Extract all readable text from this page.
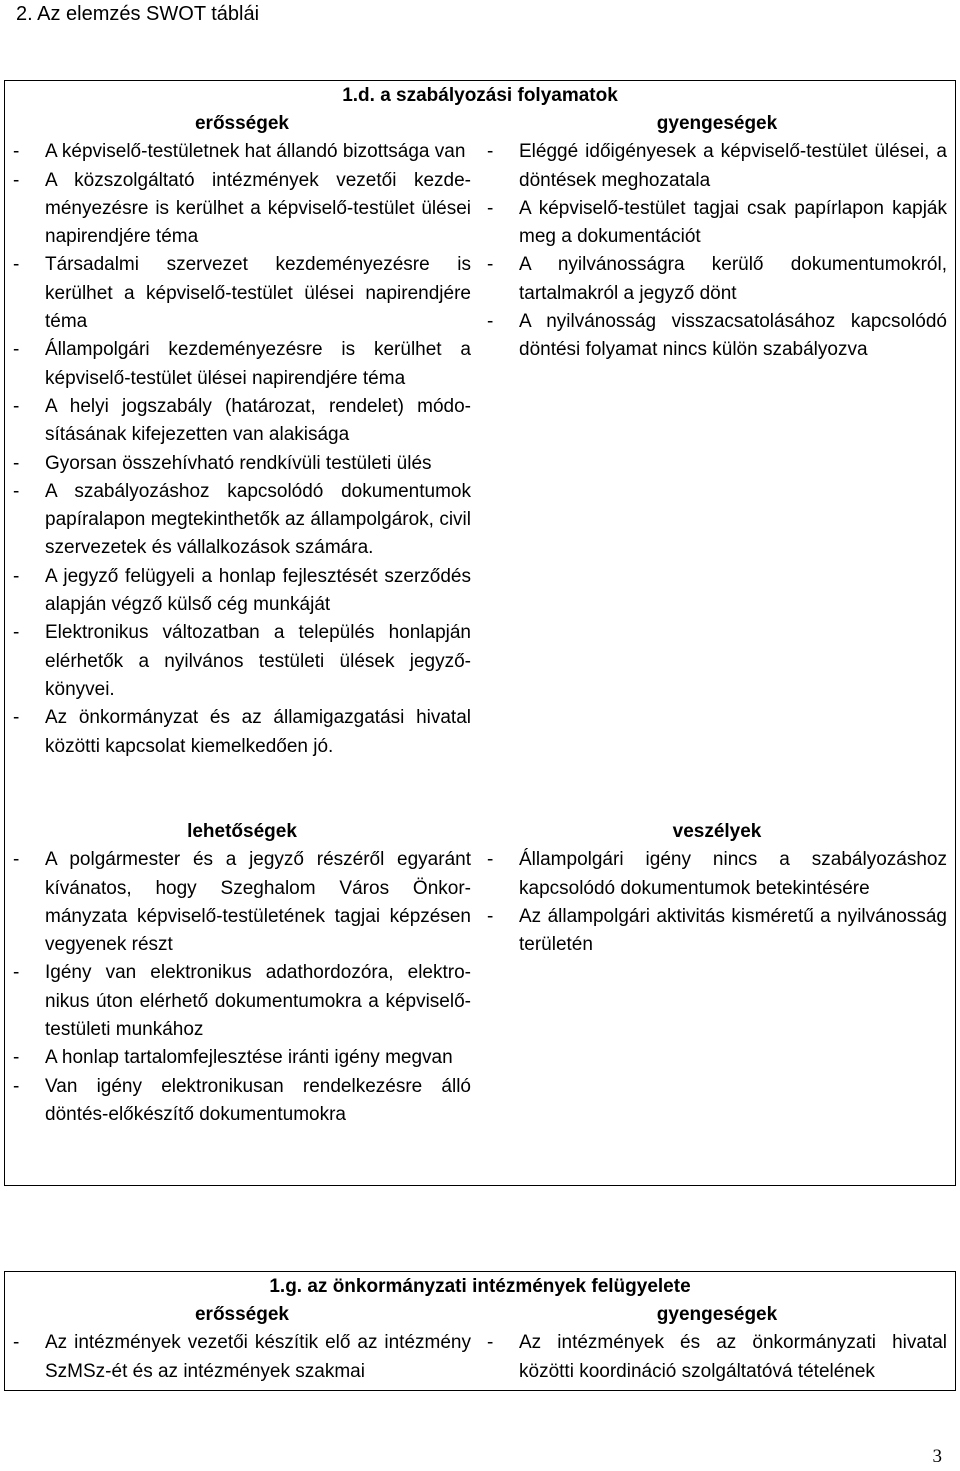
2. Az elemzés SWOT táblái
1.d. a szabályozási folyamatok
erősségek
- A képviselő-testületnek hat állandó bizottsága van
- A közszolgáltató intézmények vezetői kezdeményezésre is kerülhet a képviselő-testület ülései napirendjére téma
- Társadalmi szervezet kezdeményezésre is kerülhet a képviselő-testület ülései napirendjére téma
- Állampolgári kezdeményezésre is kerülhet a képviselő-testület ülései napirendjére téma
- A helyi jogszabály (határozat, rendelet) módosításának kifejezetten van alakisága
- Gyorsan összehívható rendkívüli testületi ülés
- A szabályozáshoz kapcsolódó dokumentumok papíralapon megtekinthetők az állampolgárok, civil szervezetek és vállalkozások számára.
- A jegyző felügyeli a honlap fejlesztését szerződés alapján végző külső cég munkáját
- Elektronikus változatban a település honlapján elérhetők a nyilvános testületi ülések jegyzőkönyvei.
- Az önkormányzat és az államigazgatási hivatal közötti kapcsolat kiemelkedően jó.
gyengeségek
- Eléggé időigényesek a képviselő-testület ülései, a döntések meghozatala
- A képviselő-testület tagjai csak papírlapon kapják meg a dokumentációt
- A nyilvánosságra kerülő dokumentumokról, tartalmakról a jegyző dönt
- A nyilvánosság visszacsatolásához kapcsolódó döntési folyamat nincs külön szabályozva
lehetőségek
- A polgármester és a jegyző részéről egyaránt kívánatos, hogy Szeghalom Város Önkormányzata képviselő-testületének tagjai képzésen vegyenek részt
- Igény van elektronikus adathordozóra, elektronikus úton elérhető dokumentumokra a képviselő-testületi munkához
- A honlap tartalomfejlesztése iránti igény megvan
- Van igény elektronikusan rendelkezésre álló döntés-előkészítő dokumentumokra
veszélyek
- Állampolgári igény nincs a szabályozáshoz kapcsolódó dokumentumok betekintésére
- Az állampolgári aktivitás kisméretű a nyilvánosság területén
1.g. az önkormányzati intézmények felügyelete
erősségek
- Az intézmények vezetői készítik elő az intézmény SzMSz-ét és az intézmények szakmai
gyengeségek
- Az intézmények és az önkormányzati hivatal közötti koordináció szolgáltatóvá tételének
3
